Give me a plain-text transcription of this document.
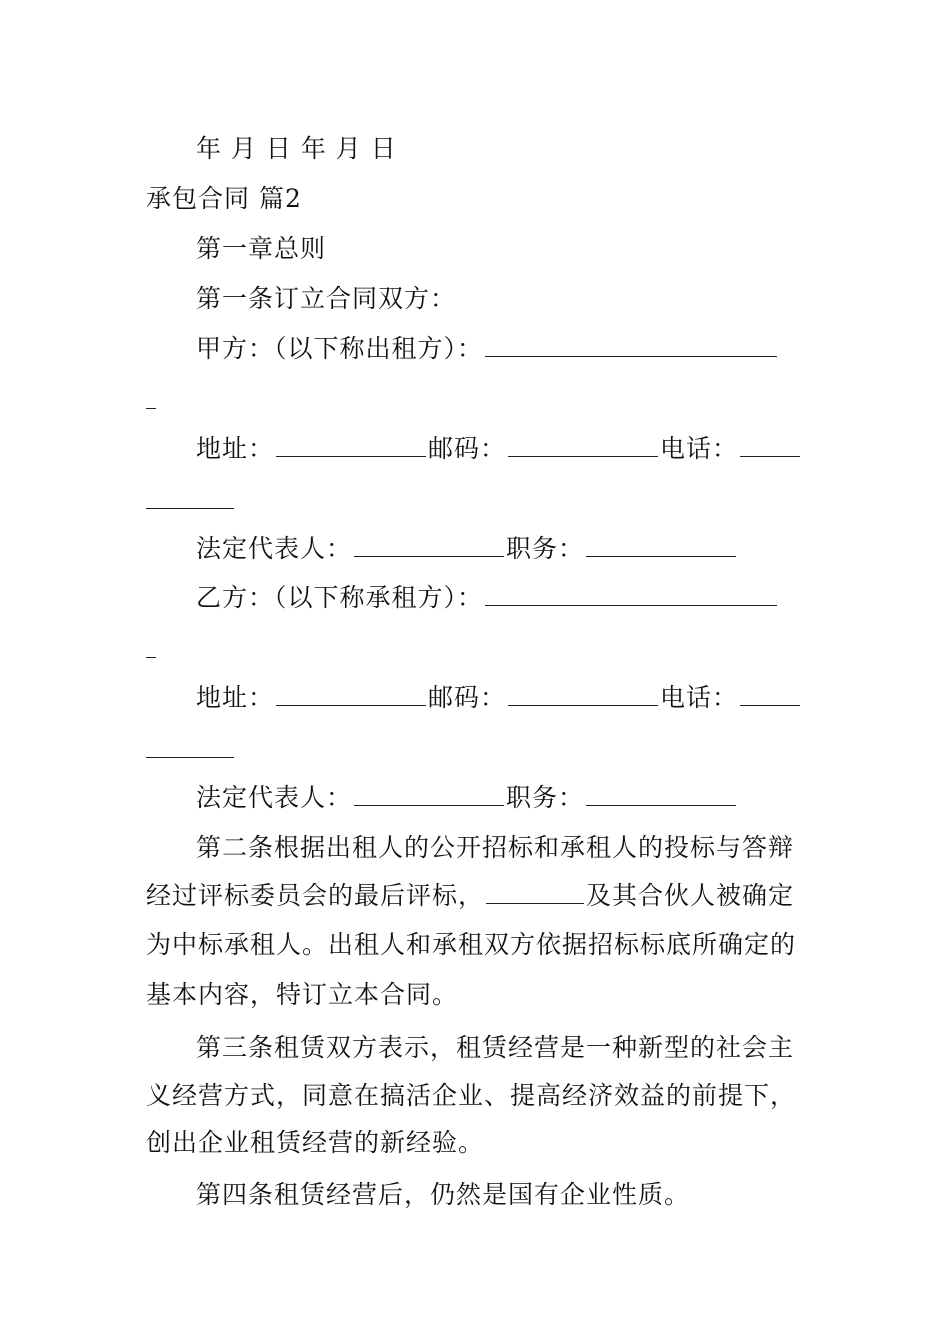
年 月 日 年 月 日
承包合同 篇2
第一章总则
第一条订立合同双方：
甲方：（以下称出租方）：
地址：	邮码：	电话：
法定代表人：	职务：
乙方：（以下称承租方）：
地址：	邮码：	电话：
法定代表人：	职务：
第二条根据出租人的公开招标和承租人的投标与答辩
经过评标委员会的最后评标，	及其合伙人被确定
为中标承租人。出租人和承租双方依据招标标底所确定的
基本内容，特订立本合同。
第三条租赁双方表示，租赁经营是一种新型的社会主
义经营方式，同意在搞活企业、提高经济效益的前提下，
创出企业租赁经营的新经验。
第四条租赁经营后，仍然是国有企业性质。
